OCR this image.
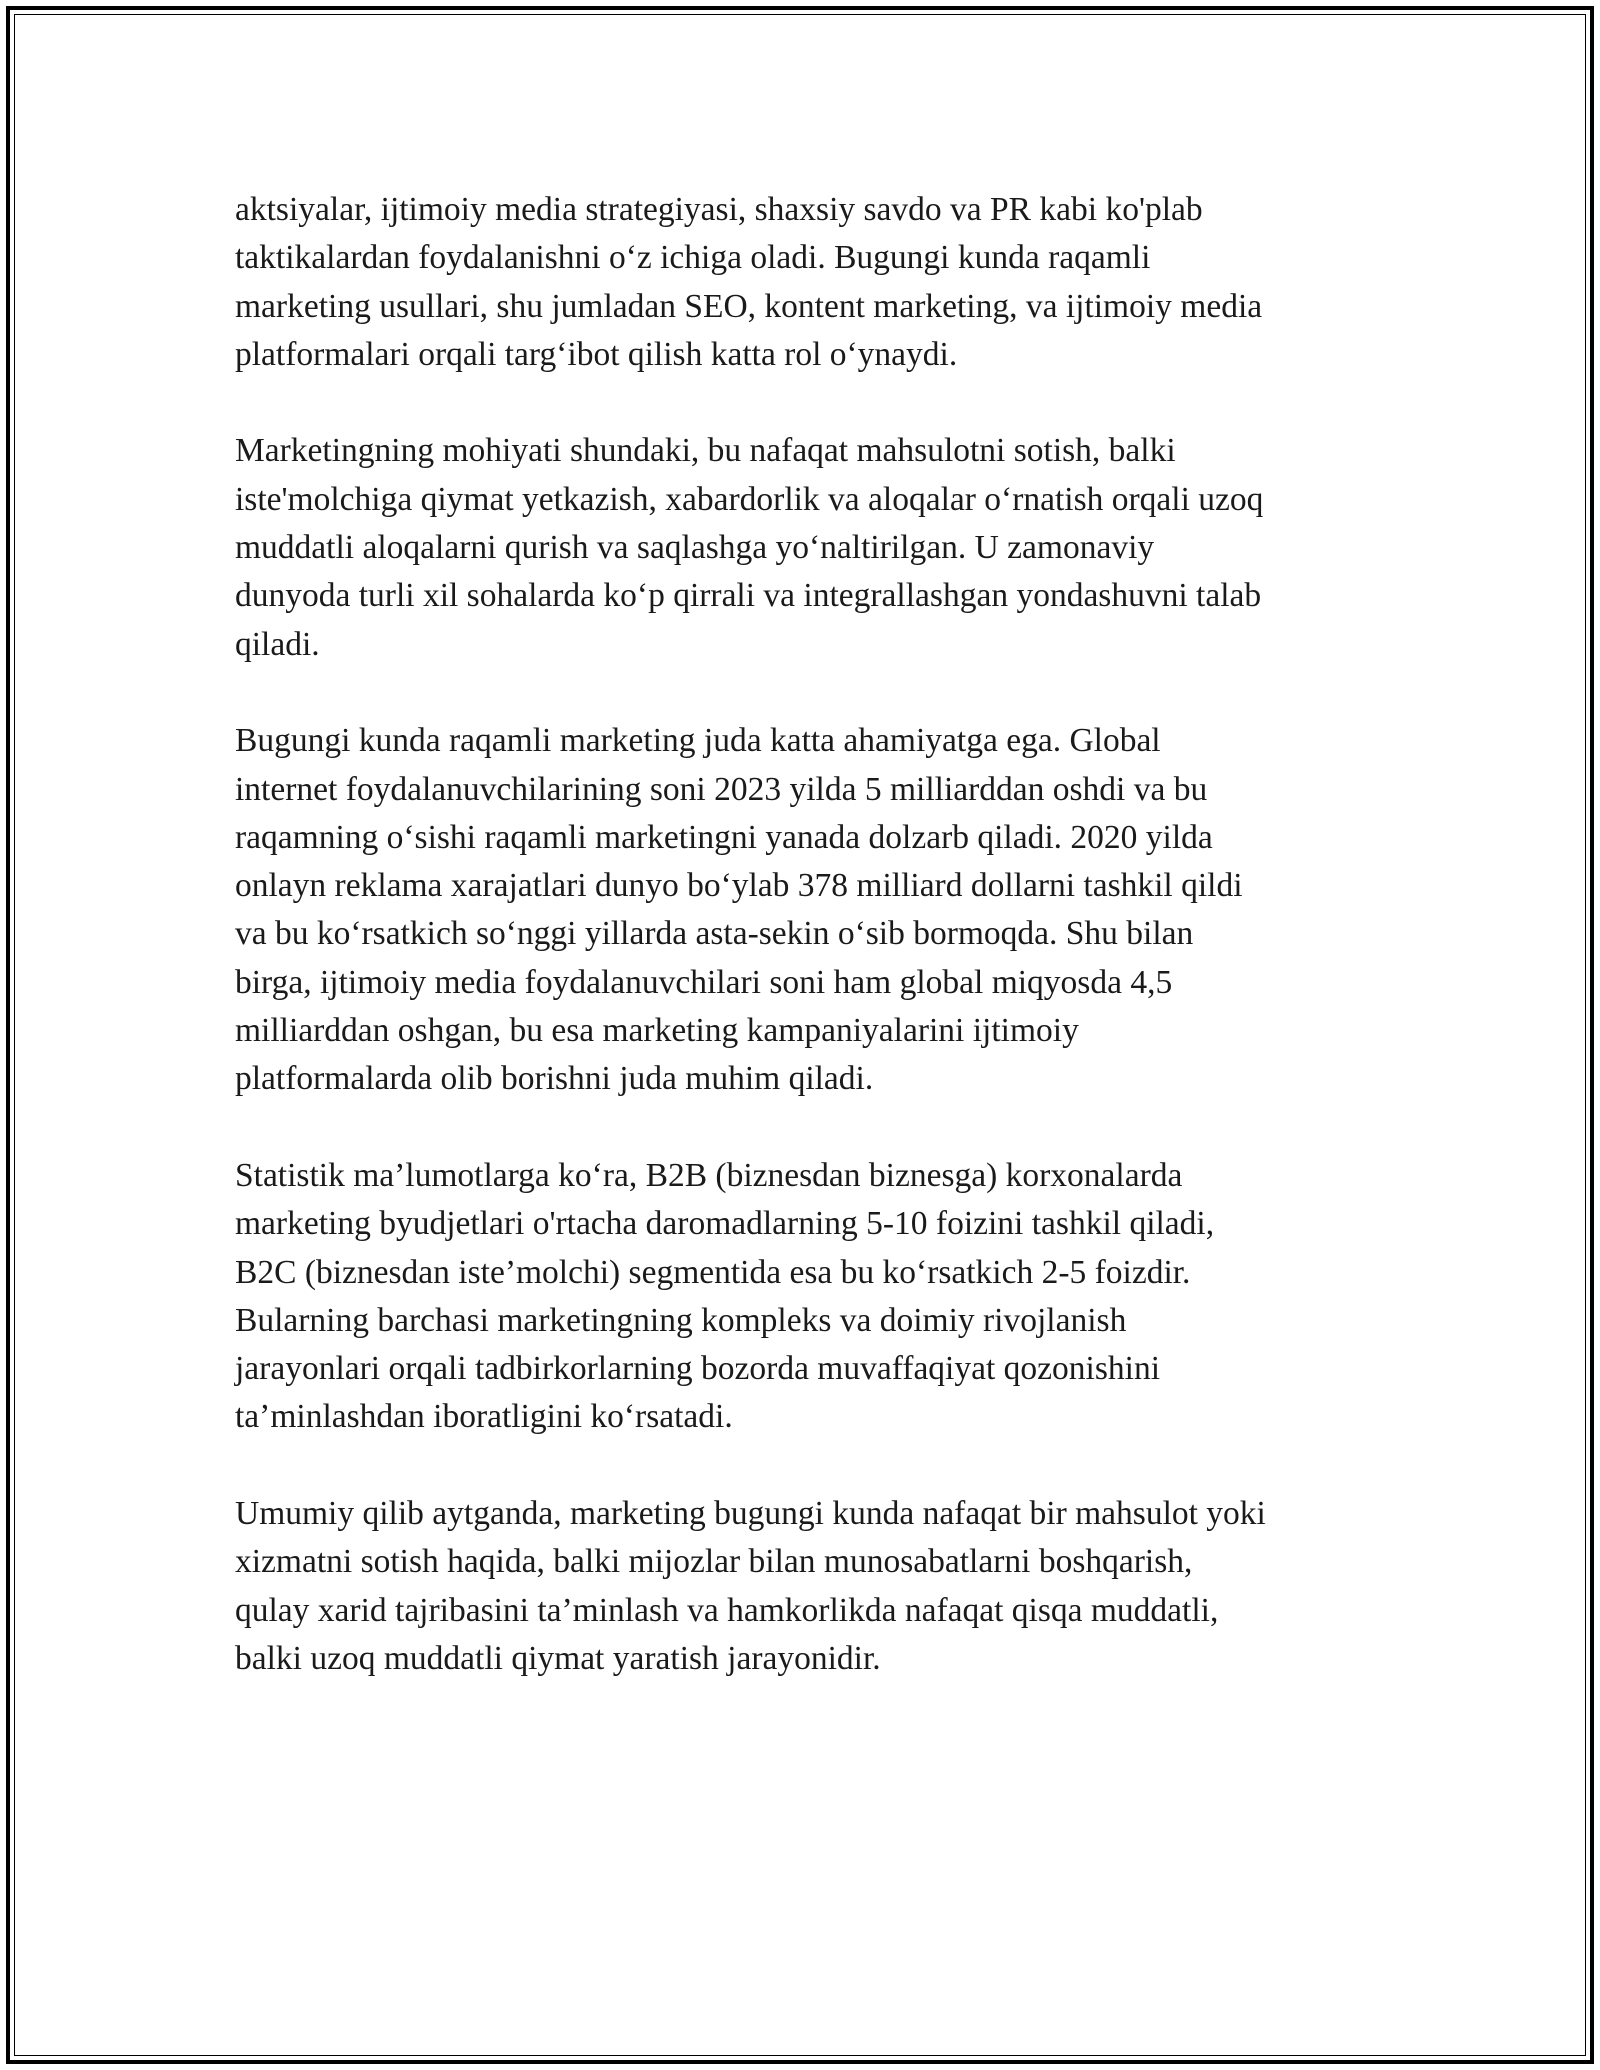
aktsiyalar, ijtimoiy media strategiyasi, shaxsiy savdo va PR kabi ko'plab
taktikalardan foydalanishni o‘z ichiga oladi. Bugungi kunda raqamli
marketing usullari, shu jumladan SEO, kontent marketing, va ijtimoiy media
platformalari orqali targ‘ibot qilish katta rol o‘ynaydi.

Marketingning mohiyati shundaki, bu nafaqat mahsulotni sotish, balki
iste'molchiga qiymat yetkazish, xabardorlik va aloqalar o‘rnatish orqali uzoq
muddatli aloqalarni qurish va saqlashga yo‘naltirilgan. U zamonaviy
dunyoda turli xil sohalarda ko‘p qirrali va integrallashgan yondashuvni talab
qiladi.

Bugungi kunda raqamli marketing juda katta ahamiyatga ega. Global
internet foydalanuvchilarining soni 2023 yilda 5 milliarddan oshdi va bu
raqamning o‘sishi raqamli marketingni yanada dolzarb qiladi. 2020 yilda
onlayn reklama xarajatlari dunyo bo‘ylab 378 milliard dollarni tashkil qildi
va bu ko‘rsatkich so‘nggi yillarda asta-sekin o‘sib bormoqda. Shu bilan
birga, ijtimoiy media foydalanuvchilari soni ham global miqyosda 4,5
milliarddan oshgan, bu esa marketing kampaniyalarini ijtimoiy
platformalarda olib borishni juda muhim qiladi.

Statistik ma’lumotlarga ko‘ra, B2B (biznesdan biznesga) korxonalarda
marketing byudjetlari o'rtacha daromadlarning 5-10 foizini tashkil qiladi,
B2C (biznesdan iste’molchi) segmentida esa bu ko‘rsatkich 2-5 foizdir.
Bularning barchasi marketingning kompleks va doimiy rivojlanish
jarayonlari orqali tadbirkorlarning bozorda muvaffaqiyat qozonishini
ta’minlashdan iboratligini ko‘rsatadi.

Umumiy qilib aytganda, marketing bugungi kunda nafaqat bir mahsulot yoki
xizmatni sotish haqida, balki mijozlar bilan munosabatlarni boshqarish,
qulay xarid tajribasini ta’minlash va hamkorlikda nafaqat qisqa muddatli,
balki uzoq muddatli qiymat yaratish jarayonidir.
